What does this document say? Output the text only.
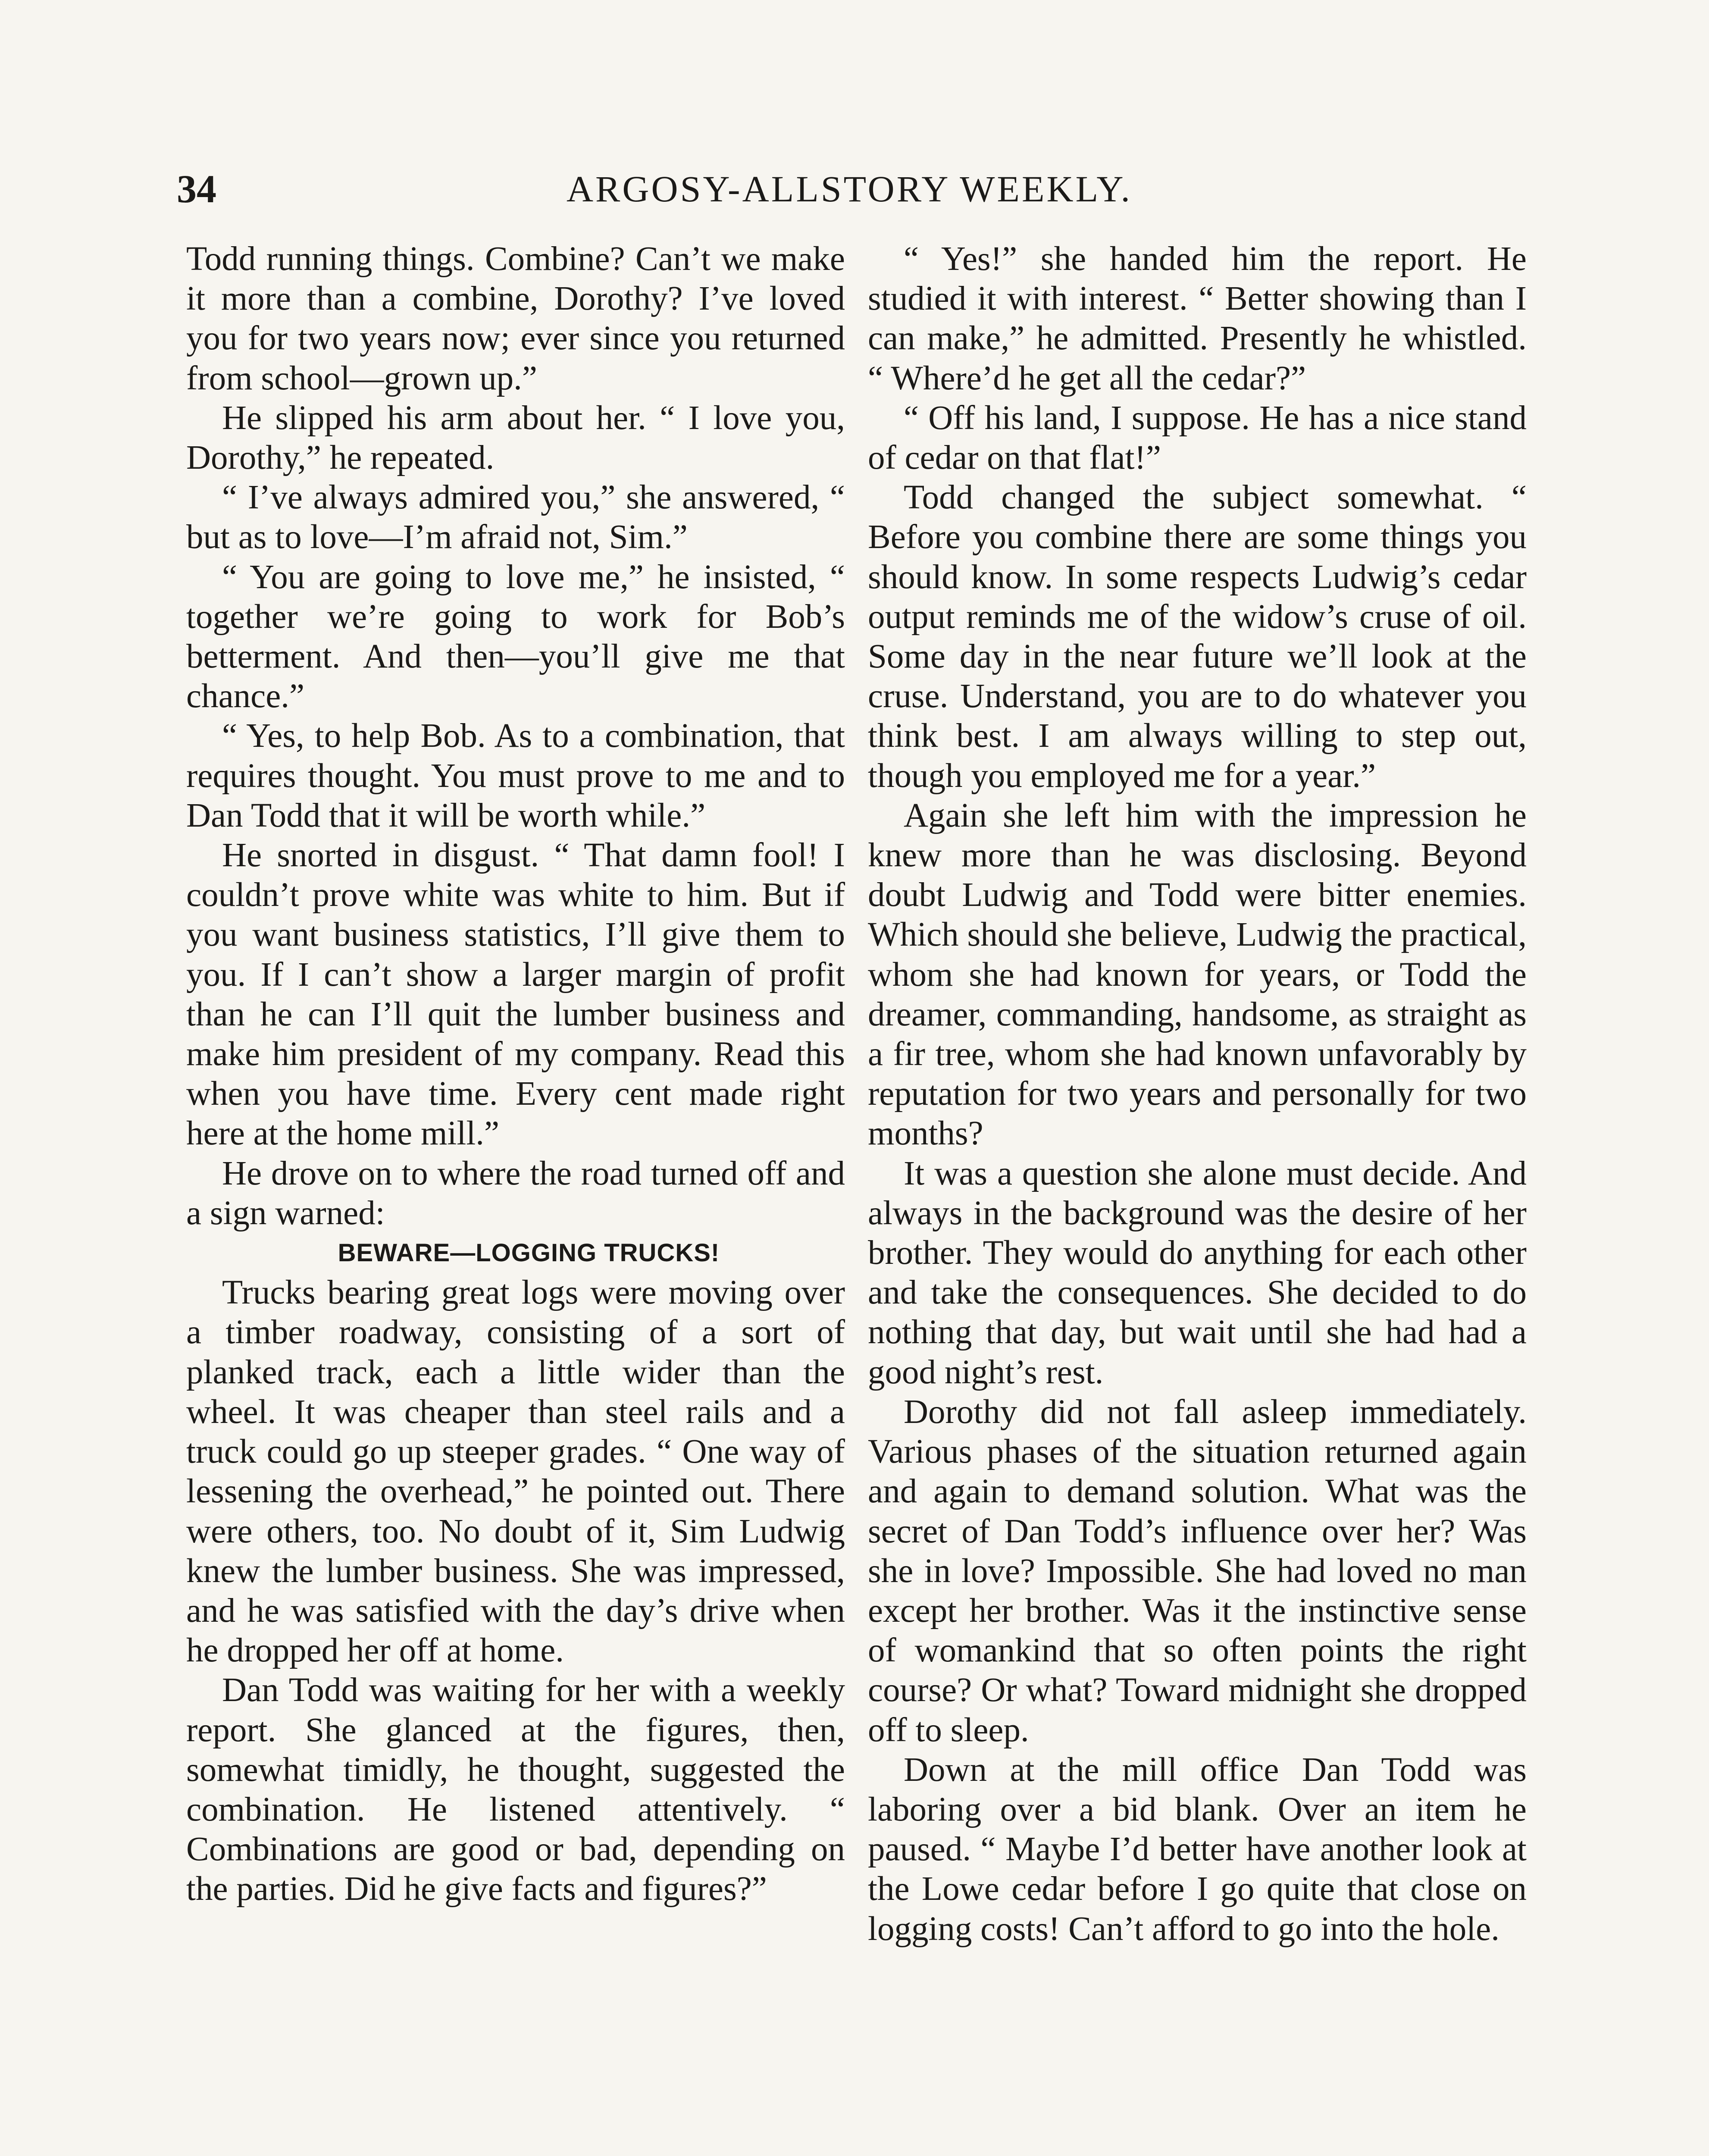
34	ARGOSY-ALLSTORY WEEKLY.

Todd running things. Combine? Can’t we make it more than a combine, Dorothy? I’ve loved you for two years now; ever since you returned from school—grown up.”

He slipped his arm about her. “ I love you, Dorothy,” he repeated.

“ I’ve always admired you,” she answered, “ but as to love—I’m afraid not, Sim.”

“ You are going to love me,” he insisted, “ together we’re going to work for Bob’s betterment. And then—you’ll give me that chance.”

“ Yes, to help Bob. As to a combination, that requires thought. You must prove to me and to Dan Todd that it will be worth while.”

He snorted in disgust. “ That damn fool! I couldn’t prove white was white to him. But if you want business statistics, I’ll give them to you. If I can’t show a larger margin of profit than he can I’ll quit the lumber business and make him president of my company. Read this when you have time. Every cent made right here at the home mill.”

He drove on to where the road turned off and a sign warned:

BEWARE—LOGGING TRUCKS!

Trucks bearing great logs were moving over a timber roadway, consisting of a sort of planked track, each a little wider than the wheel. It was cheaper than steel rails and a truck could go up steeper grades. “ One way of lessening the overhead,” he pointed out. There were others, too. No doubt of it, Sim Ludwig knew the lumber business. She was impressed, and he was satisfied with the day’s drive when he dropped her off at home.

Dan Todd was waiting for her with a weekly report. She glanced at the figures, then, somewhat timidly, he thought, suggested the combination. He listened attentively. “ Combinations are good or bad, depending on the parties. Did he give facts and figures?”

“ Yes!” she handed him the report. He studied it with interest. “ Better showing than I can make,” he admitted. Presently he whistled. “ Where’d he get all the cedar?”

“ Off his land, I suppose. He has a nice stand of cedar on that flat!”

Todd changed the subject somewhat. “ Before you combine there are some things you should know. In some respects Ludwig’s cedar output reminds me of the widow’s cruse of oil. Some day in the near future we’ll look at the cruse. Understand, you are to do whatever you think best. I am always willing to step out, though you employed me for a year.”

Again she left him with the impression he knew more than he was disclosing. Beyond doubt Ludwig and Todd were bitter enemies. Which should she believe, Ludwig the practical, whom she had known for years, or Todd the dreamer, commanding, handsome, as straight as a fir tree, whom she had known unfavorably by reputation for two years and personally for two months?

It was a question she alone must decide. And always in the background was the desire of her brother. They would do anything for each other and take the consequences. She decided to do nothing that day, but wait until she had had a good night’s rest.

Dorothy did not fall asleep immediately. Various phases of the situation returned again and again to demand solution. What was the secret of Dan Todd’s influence over her? Was she in love? Impossible. She had loved no man except her brother. Was it the instinctive sense of womankind that so often points the right course? Or what? Toward midnight she dropped off to sleep.

Down at the mill office Dan Todd was laboring over a bid blank. Over an item he paused. “ Maybe I’d better have another look at the Lowe cedar before I go quite that close on logging costs! Can’t afford to go into the hole.
